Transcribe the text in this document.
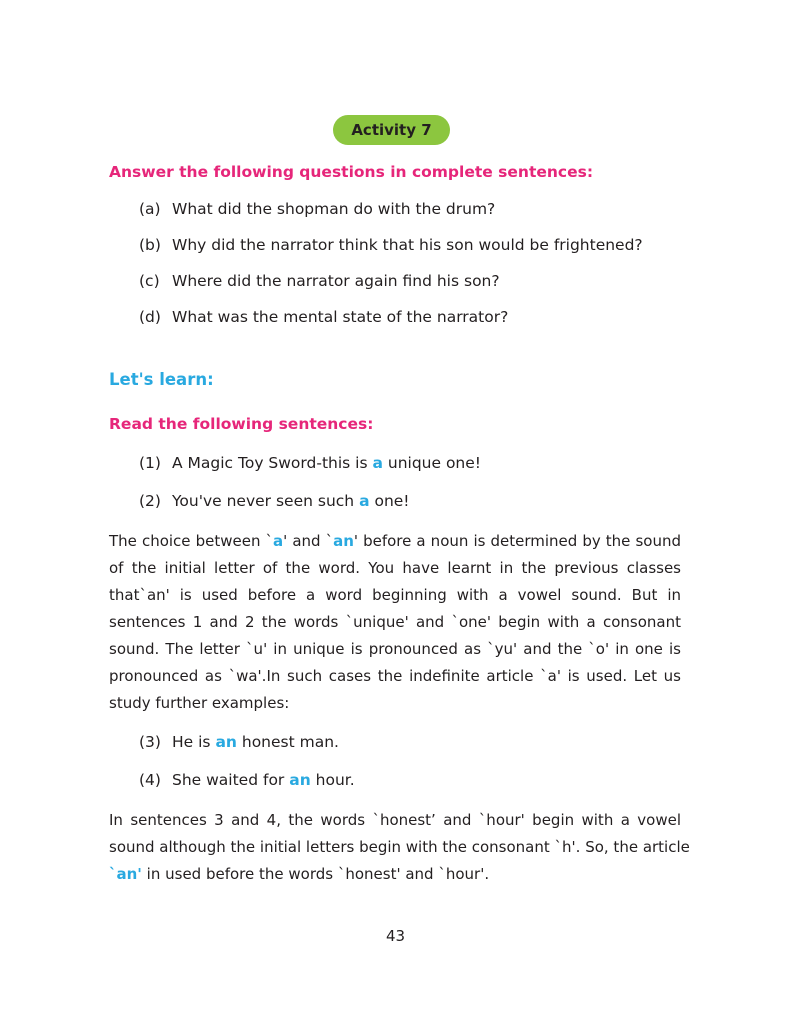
Activity 7
Answer the following questions in complete sentences:
(a) What did the shopman do with the drum?
(b) Why did the narrator think that his son would be frightened?
(c) Where did the narrator again find his son?
(d) What was the mental state of the narrator?
Let's learn:
Read the following sentences:
(1) A Magic Toy Sword-this is a unique one!
(2) You've never seen such a one!
The choice between `a' and `an' before a noun is determined by the sound
of the initial letter of the word. You have learnt in the previous classes
that`an' is used before a word beginning with a vowel sound. But in
sentences 1 and 2 the words `unique' and `one' begin with a consonant
sound. The letter `u' in unique is pronounced as `yu' and the `o' in one is
pronounced as `wa'.In such cases the indefinite article `a' is used. Let us
study further examples:
(3) He is an honest man.
(4) She waited for an hour.
In sentences 3 and 4, the words `honest’ and `hour' begin with a vowel
sound although the initial letters begin with the consonant `h'. So, the article
`an' in used before the words `honest' and `hour'.
43
